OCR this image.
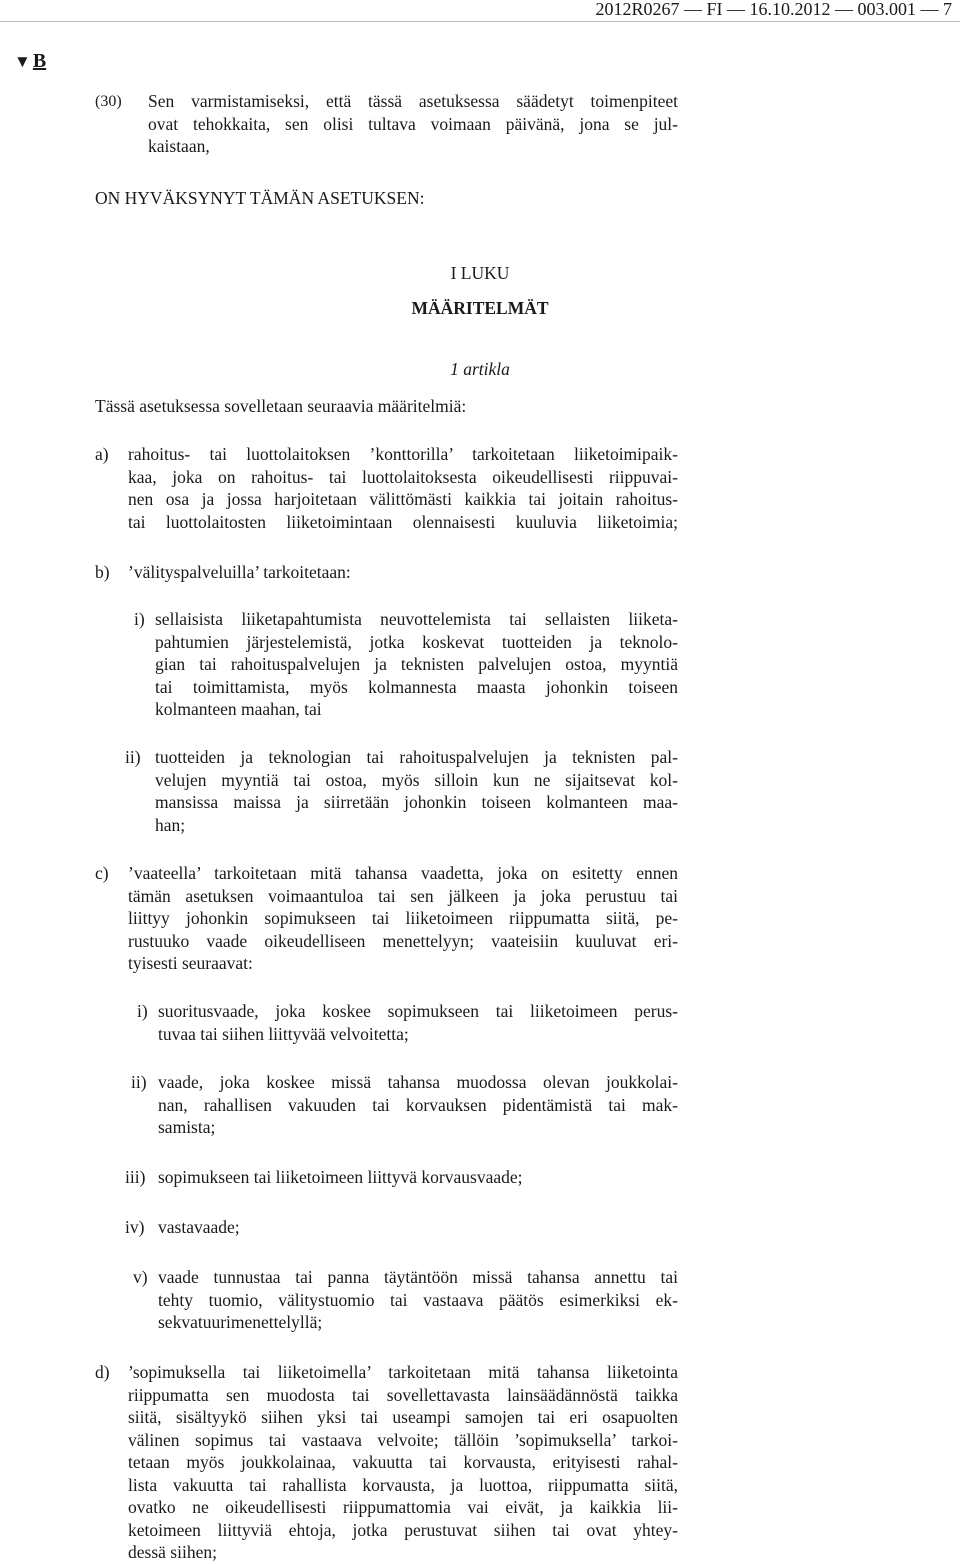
2012R0267 — FI — 16.10.2012 — 003.001 — 7
▼ B
(30) Sen varmistamiseksi, että tässä asetuksessa säädetyt toimenpiteet
ovat tehokkaita, sen olisi tultava voimaan päivänä, jona se jul-
kaistaan,
ON HYVÄKSYNYT TÄMÄN ASETUKSEN:
I LUKU
MÄÄRITELMÄT
1 artikla
Tässä asetuksessa sovelletaan seuraavia määritelmiä:
a) rahoitus- tai luottolaitoksen ’konttorilla’ tarkoitetaan liiketoimipaik-
kaa, joka on rahoitus- tai luottolaitoksesta oikeudellisesti riippuvai-
nen osa ja jossa harjoitetaan välittömästi kaikkia tai joitain rahoitus-
tai luottolaitosten liiketoimintaan olennaisesti kuuluvia liiketoimia;
b) ’välityspalveluilla’ tarkoitetaan:
i) sellaisista liiketapahtumista neuvottelemista tai sellaisten liiketa-
pahtumien järjestelemistä, jotka koskevat tuotteiden ja teknolo-
gian tai rahoituspalvelujen ja teknisten palvelujen ostoa, myyntiä
tai toimittamista, myös kolmannesta maasta johonkin toiseen
kolmanteen maahan, tai
ii) tuotteiden ja teknologian tai rahoituspalvelujen ja teknisten pal-
velujen myyntiä tai ostoa, myös silloin kun ne sijaitsevat kol-
mansissa maissa ja siirretään johonkin toiseen kolmanteen maa-
han;
c) ’vaateella’ tarkoitetaan mitä tahansa vaadetta, joka on esitetty ennen
tämän asetuksen voimaantuloa tai sen jälkeen ja joka perustuu tai
liittyy johonkin sopimukseen tai liiketoimeen riippumatta siitä, pe-
rustuuko vaade oikeudelliseen menettelyyn; vaateisiin kuuluvat eri-
tyisesti seuraavat:
i) suoritusvaade, joka koskee sopimukseen tai liiketoimeen perus-
tuvaa tai siihen liittyvää velvoitetta;
ii) vaade, joka koskee missä tahansa muodossa olevan joukkolai-
nan, rahallisen vakuuden tai korvauksen pidentämistä tai mak-
samista;
iii) sopimukseen tai liiketoimeen liittyvä korvausvaade;
iv) vastavaade;
v) vaade tunnustaa tai panna täytäntöön missä tahansa annettu tai
tehty tuomio, välitystuomio tai vastaava päätös esimerkiksi ek-
sekvatuurimenettelyllä;
d) ’sopimuksella tai liiketoimella’ tarkoitetaan mitä tahansa liiketointa
riippumatta sen muodosta tai sovellettavasta lainsäädännöstä taikka
siitä, sisältyykö siihen yksi tai useampi samojen tai eri osapuolten
välinen sopimus tai vastaava velvoite; tällöin ’sopimuksella’ tarkoi-
tetaan myös joukkolainaa, vakuutta tai korvausta, erityisesti rahal-
lista vakuutta tai rahallista korvausta, ja luottoa, riippumatta siitä,
ovatko ne oikeudellisesti riippumattomia vai eivät, ja kaikkia lii-
ketoimeen liittyviä ehtoja, jotka perustuvat siihen tai ovat yhtey-
dessä siihen;
